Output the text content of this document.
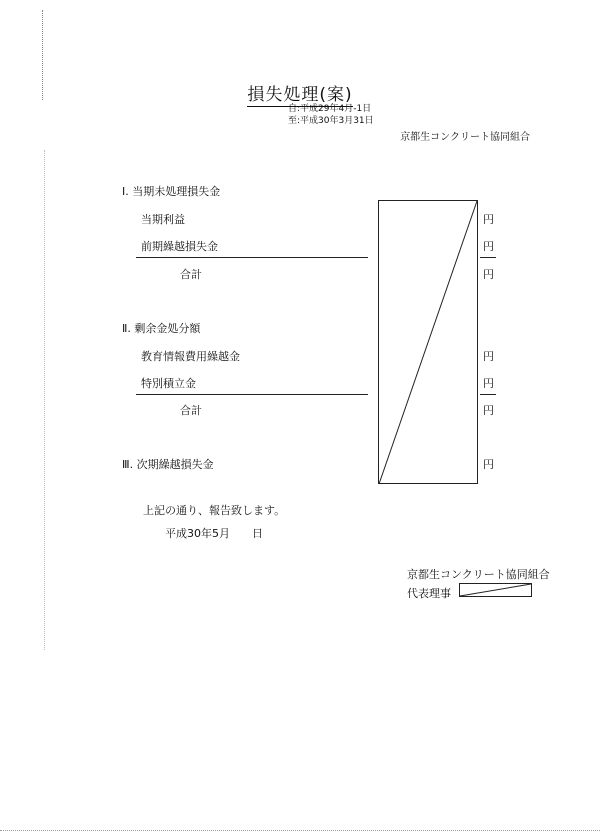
損失処理(案)
自:平成29年4月-1日
至:平成30年3月31日
京都生コンクリート協同組合
Ⅰ. 当期未処理損失金
当期利益
前期繰越損失金
合計
Ⅱ. 剰余金処分額
教育情報費用繰越金
特別積立金
合計
Ⅲ. 次期繰越損失金
円
円
円
円
円
円
円
上記の通り、報告致します。
平成30年5月　　日
京都生コンクリート協同組合
代表理事
